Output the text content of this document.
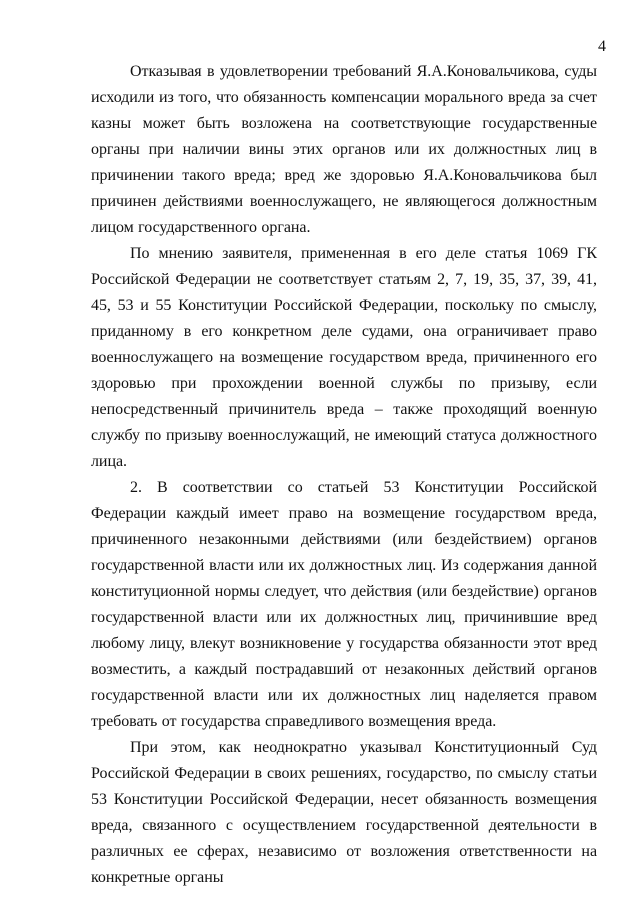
4

Отказывая в удовлетворении требований Я.А.Коновальчикова, суды исходили из того, что обязанность компенсации морального вреда за счет казны может быть возложена на соответствующие государственные органы при наличии вины этих органов или их должностных лиц в причинении такого вреда; вред же здоровью Я.А.Коновальчикова был причинен действиями военнослужащего, не являющегося должностным лицом государственного органа.

По мнению заявителя, примененная в его деле статья 1069 ГК Российской Федерации не соответствует статьям 2, 7, 19, 35, 37, 39, 41, 45, 53 и 55 Конституции Российской Федерации, поскольку по смыслу, приданному в его конкретном деле судами, она ограничивает право военнослужащего на возмещение государством вреда, причиненного его здоровью при прохождении военной службы по призыву, если непосредственный причинитель вреда – также проходящий военную службу по призыву военнослужащий, не имеющий статуса должностного лица.

2. В соответствии со статьей 53 Конституции Российской Федерации каждый имеет право на возмещение государством вреда, причиненного незаконными действиями (или бездействием) органов государственной власти или их должностных лиц. Из содержания данной конституционной нормы следует, что действия (или бездействие) органов государственной власти или их должностных лиц, причинившие вред любому лицу, влекут возникновение у государства обязанности этот вред возместить, а каждый пострадавший от незаконных действий органов государственной власти или их должностных лиц наделяется правом требовать от государства справедливого возмещения вреда.

При этом, как неоднократно указывал Конституционный Суд Российской Федерации в своих решениях, государство, по смыслу статьи 53 Конституции Российской Федерации, несет обязанность возмещения вреда, связанного с осуществлением государственной деятельности в различных ее сферах, независимо от возложения ответственности на конкретные органы
